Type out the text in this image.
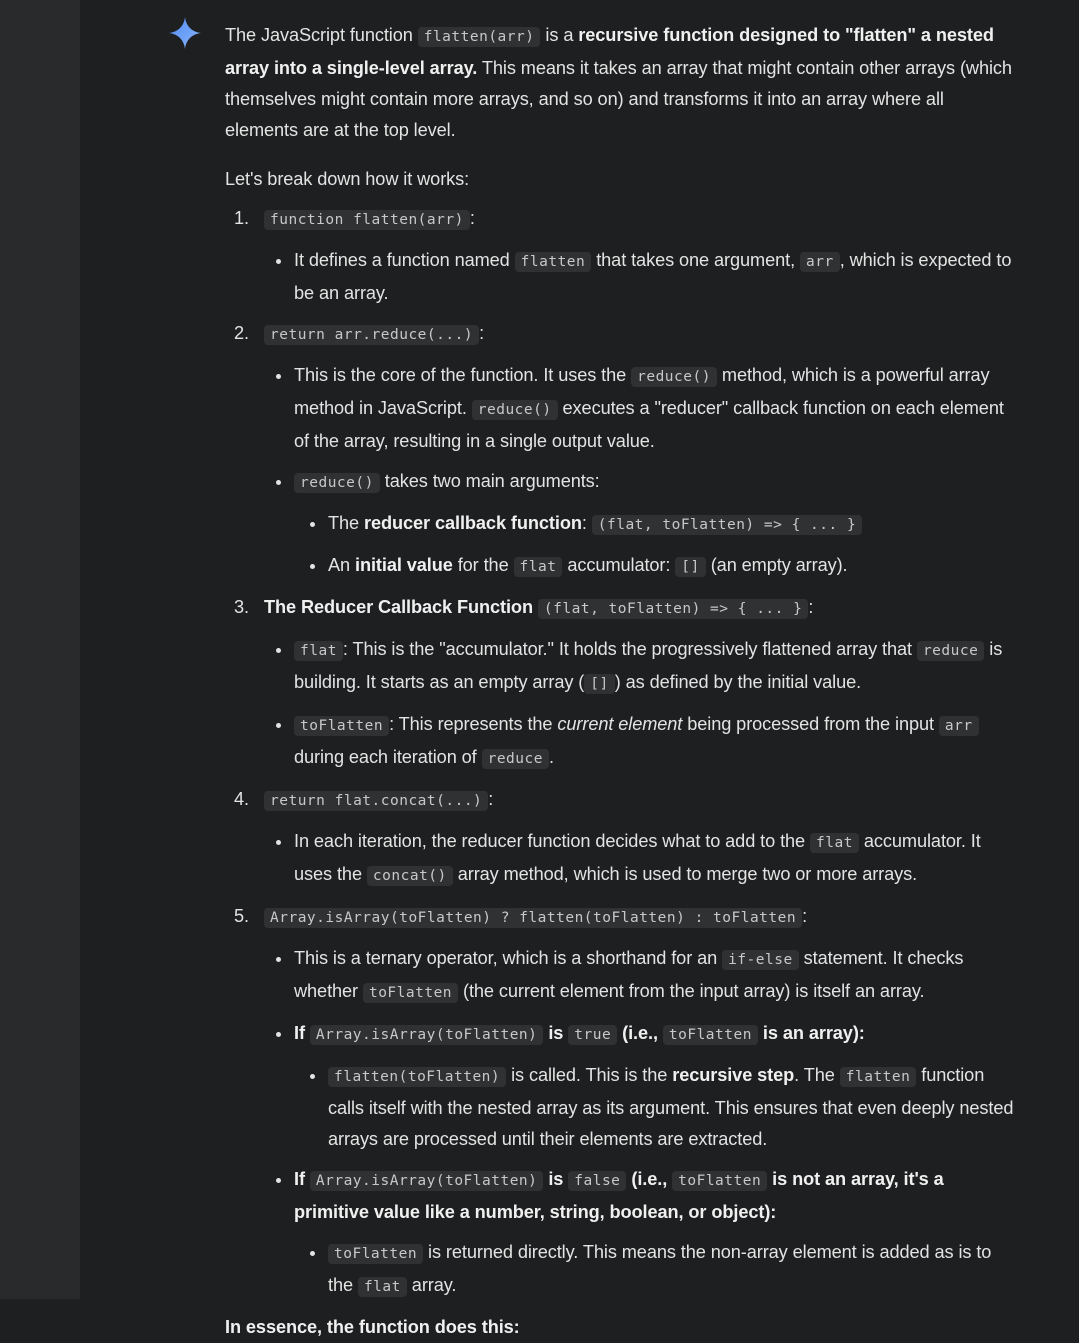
The JavaScript function flatten(arr) is a recursive function designed to "flatten" a nested array into a single-level array. This means it takes an array that might contain other arrays (which themselves might contain more arrays, and so on) and transforms it into an array where all elements are at the top level.

Let's break down how it works:

1.	function flatten(arr) :
It defines a function named flatten that takes one argument, arr , which is expected to be an array.
2.	return arr.reduce(...) :
This is the core of the function. It uses the reduce() method, which is a powerful array method in JavaScript. reduce() executes a "reducer" callback function on each element of the array, resulting in a single output value.
reduce() takes two main arguments:
The reducer callback function: (flat, toFlatten) => { ... }
An initial value for the flat accumulator: [] (an empty array).
3. The Reducer Callback Function (flat, toFlatten) => { ... } :
flat : This is the "accumulator." It holds the progressively flattened array that reduce is building. It starts as an empty array ( [] ) as defined by the initial value.
toFlatten : This represents the current element being processed from the input arr during each iteration of reduce .
4.	return flat.concat(...) :
In each iteration, the reducer function decides what to add to the flat accumulator. It uses the concat() array method, which is used to merge two or more arrays.
5.	Array.isArray(toFlatten) ? flatten(toFlatten) : toFlatten :
This is a ternary operator, which is a shorthand for an if-else statement. It checks whether toFlatten (the current element from the input array) is itself an array.
If Array.isArray(toFlatten) is true (i.e., toFlatten is an array):
flatten(toFlatten) is called. This is the recursive step. The flatten function calls itself with the nested array as its argument. This ensures that even deeply nested arrays are processed until their elements are extracted.
If Array.isArray(toFlatten) is false (i.e., toFlatten is not an array, it's a primitive value like a number, string, boolean, or object):
toFlatten is returned directly. This means the non-array element is added as is to the flat array.

In essence, the function does this:
